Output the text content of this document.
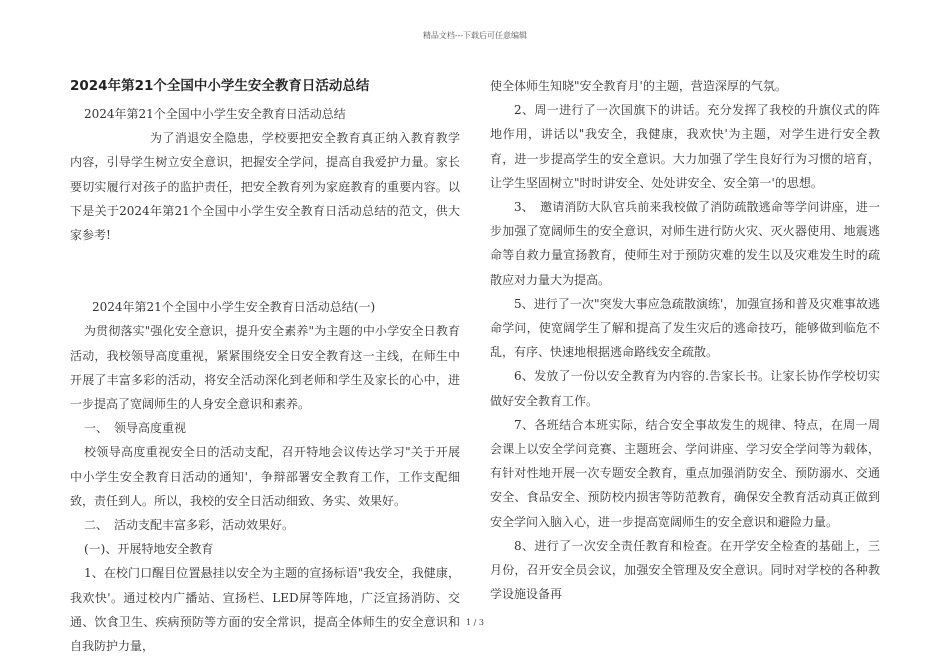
精品文档---下载后可任意编辑

2024年第21个全国中小学生安全教育日活动总结

2024年第21个全国中小学生安全教育日活动总结

为了消退安全隐患，学校要把安全教育真正纳入教育教学内容，引导学生树立安全意识，把握安全学问，提高自我爱护力量。家长要切实履行对孩子的监护责任，把安全教育列为家庭教育的重要内容。以下是关于2024年第21个全国中小学生安全教育日活动总结的范文，供大家参考!

2024年第21个全国中小学生安全教育日活动总结(一)

为贯彻落实"强化安全意识，提升安全素养"为主题的中小学安全日教育活动，我校领导高度重视，紧紧围绕安全日安全教育这一主线，在师生中开展了丰富多彩的活动，将安全活动深化到老师和学生及家长的心中，进一步提高了宽阔师生的人身安全意识和素养。

一、　领导高度重视

校领导高度重视安全日的活动支配，召开特地会议传达学习"关于开展中小学生安全教育日活动的通知'，争辩部署安全教育工作，工作支配细致，责任到人。所以，我校的安全日活动细致、务实、效果好。

二、　活动支配丰富多彩，活动效果好。

(一)、开展特地安全教育

1、在校门口醒目位置悬挂以安全为主题的宣扬标语"我安全，我健康，我欢快'。通过校内广播站、宣扬栏、LED屏等阵地，广泛宣扬消防、交通、饮食卫生、疾病预防等方面的安全常识，提高全体师生的安全意识和自我防护力量，

使全体师生知晓"安全教育月'的主题，营造深厚的气氛。

2、周一进行了一次国旗下的讲话。充分发挥了我校的升旗仪式的阵地作用，讲话以"我安全，我健康，我欢快'为主题，对学生进行安全教育，进一步提高学生的安全意识。大力加强了学生良好行为习惯的培育，让学生坚固树立"时时讲安全、处处讲安全、安全第一'的思想。

3、　邀请消防大队官兵前来我校做了消防疏散逃命等学问讲座，进一步加强了宽阔师生的安全意识，对师生进行防火灾、灭火器使用、地震逃命等自救力量宣扬教育，使师生对于预防灾难的发生以及灾难发生时的疏散应对力量大为提高。

5、进行了一次"突发大事应急疏散演练'，加强宣扬和普及灾难事故逃命学问，使宽阔学生了解和提高了发生灾后的逃命技巧，能够做到临危不乱，有序、快速地根据逃命路线安全疏散。

6、发放了一份以安全教育为内容的.告家长书。让家长协作学校切实做好安全教育工作。

7、各班结合本班实际，结合安全事故发生的规律、特点，在周一周会课上以安全学问竞赛、主题班会、学问讲座、学习安全学问等为载体，有针对性地开展一次专题安全教育，重点加强消防安全、预防溺水、交通安全、食品安全、预防校内损害等防范教育，确保安全教育活动真正做到安全学问入脑入心，进一步提高宽阔师生的安全意识和避险力量。

8、进行了一次安全责任教育和检查。在开学安全检查的基础上，三月份，召开安全员会议，加强安全管理及安全意识。同时对学校的各种教学设施设备再

1 / 3
